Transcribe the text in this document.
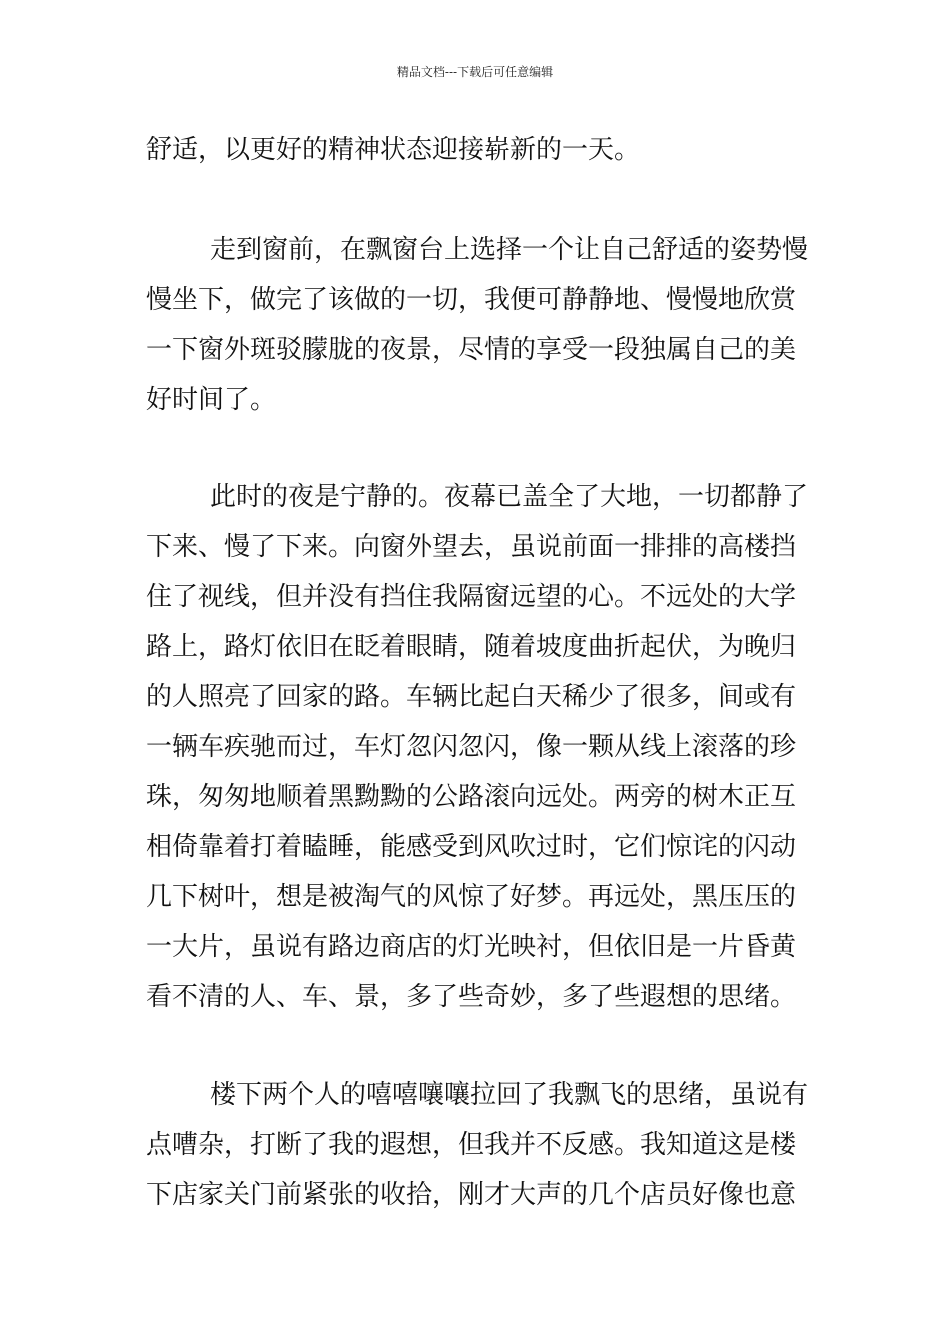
精品文档---下载后可任意编辑
舒适，以更好的精神状态迎接崭新的一天。
走到窗前，在飘窗台上选择一个让自己舒适的姿势慢
慢坐下，做完了该做的一切，我便可静静地、慢慢地欣赏
一下窗外斑驳朦胧的夜景，尽情的享受一段独属自己的美
好时间了。
此时的夜是宁静的。夜幕已盖全了大地，一切都静了
下来、慢了下来。向窗外望去，虽说前面一排排的高楼挡
住了视线，但并没有挡住我隔窗远望的心。不远处的大学
路上，路灯依旧在眨着眼睛，随着坡度曲折起伏，为晚归
的人照亮了回家的路。车辆比起白天稀少了很多，间或有
一辆车疾驰而过，车灯忽闪忽闪，像一颗从线上滚落的珍
珠，匆匆地顺着黑黝黝的公路滚向远处。两旁的树木正互
相倚靠着打着瞌睡，能感受到风吹过时，它们惊诧的闪动
几下树叶，想是被淘气的风惊了好梦。再远处，黑压压的
一大片，虽说有路边商店的灯光映衬，但依旧是一片昏黄
看不清的人、车、景，多了些奇妙，多了些遐想的思绪。
楼下两个人的嘻嘻嚷嚷拉回了我飘飞的思绪，虽说有
点嘈杂，打断了我的遐想，但我并不反感。我知道这是楼
下店家关门前紧张的收拾，刚才大声的几个店员好像也意
